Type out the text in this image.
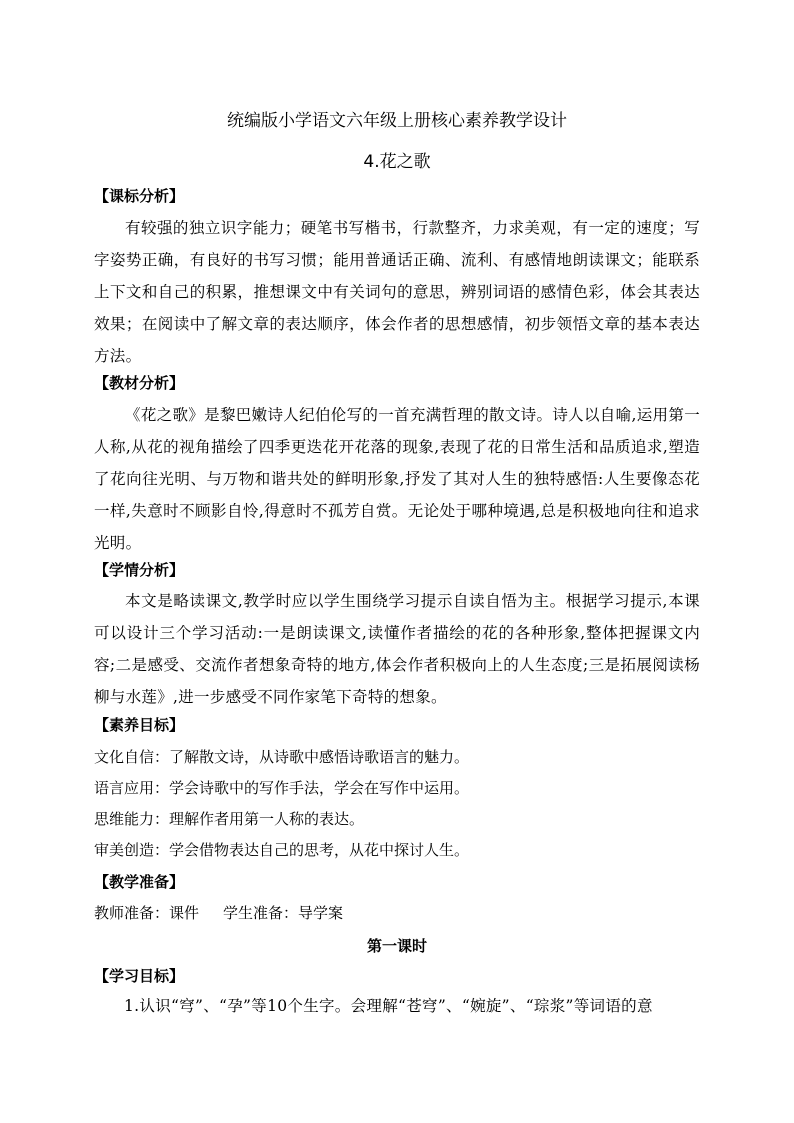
统编版小学语文六年级上册核心素养教学设计
4.花之歌
【课标分析】

有较强的独立识字能力；硬笔书写楷书，行款整齐，力求美观，有一定的速度；写字姿势正确，有良好的书写习惯；能用普通话正确、流利、有感情地朗读课文；能联系上下文和自己的积累，推想课文中有关词句的意思，辨别词语的感情色彩，体会其表达效果；在阅读中了解文章的表达顺序，体会作者的思想感情，初步领悟文章的基本表达方法。

【教材分析】

《花之歌》是黎巴嫩诗人纪伯伦写的一首充满哲理的散文诗。诗人以自喻,运用第一人称,从花的视角描绘了四季更迭花开花落的现象,表现了花的日常生活和品质追求,塑造了花向往光明、与万物和谐共处的鲜明形象,抒发了其对人生的独特感悟:人生要像态花一样,失意时不顾影自怜,得意时不孤芳自赏。无论处于哪种境遇,总是积极地向往和追求光明。

【学情分析】

本文是略读课文,教学时应以学生围绕学习提示自读自悟为主。根据学习提示,本课可以设计三个学习活动:一是朗读课文,读懂作者描绘的花的各种形象,整体把握课文内容;二是感受、交流作者想象奇特的地方,体会作者积极向上的人生态度;三是拓展阅读杨柳与水莲》,进一步感受不同作家笔下奇特的想象。

【素养目标】
文化自信：了解散文诗，从诗歌中感悟诗歌语言的魅力。
语言应用：学会诗歌中的写作手法，学会在写作中运用。
思维能力：理解作者用第一人称的表达。
审美创造：学会借物表达自己的思考，从花中探讨人生。
【教学准备】
教师准备：课件 学生准备：导学案
第一课时
【学习目标】
1.认识“穹”、“孕”等10个生字。会理解“苍穹”、“婉旋”、“琮浆”等词语的意
